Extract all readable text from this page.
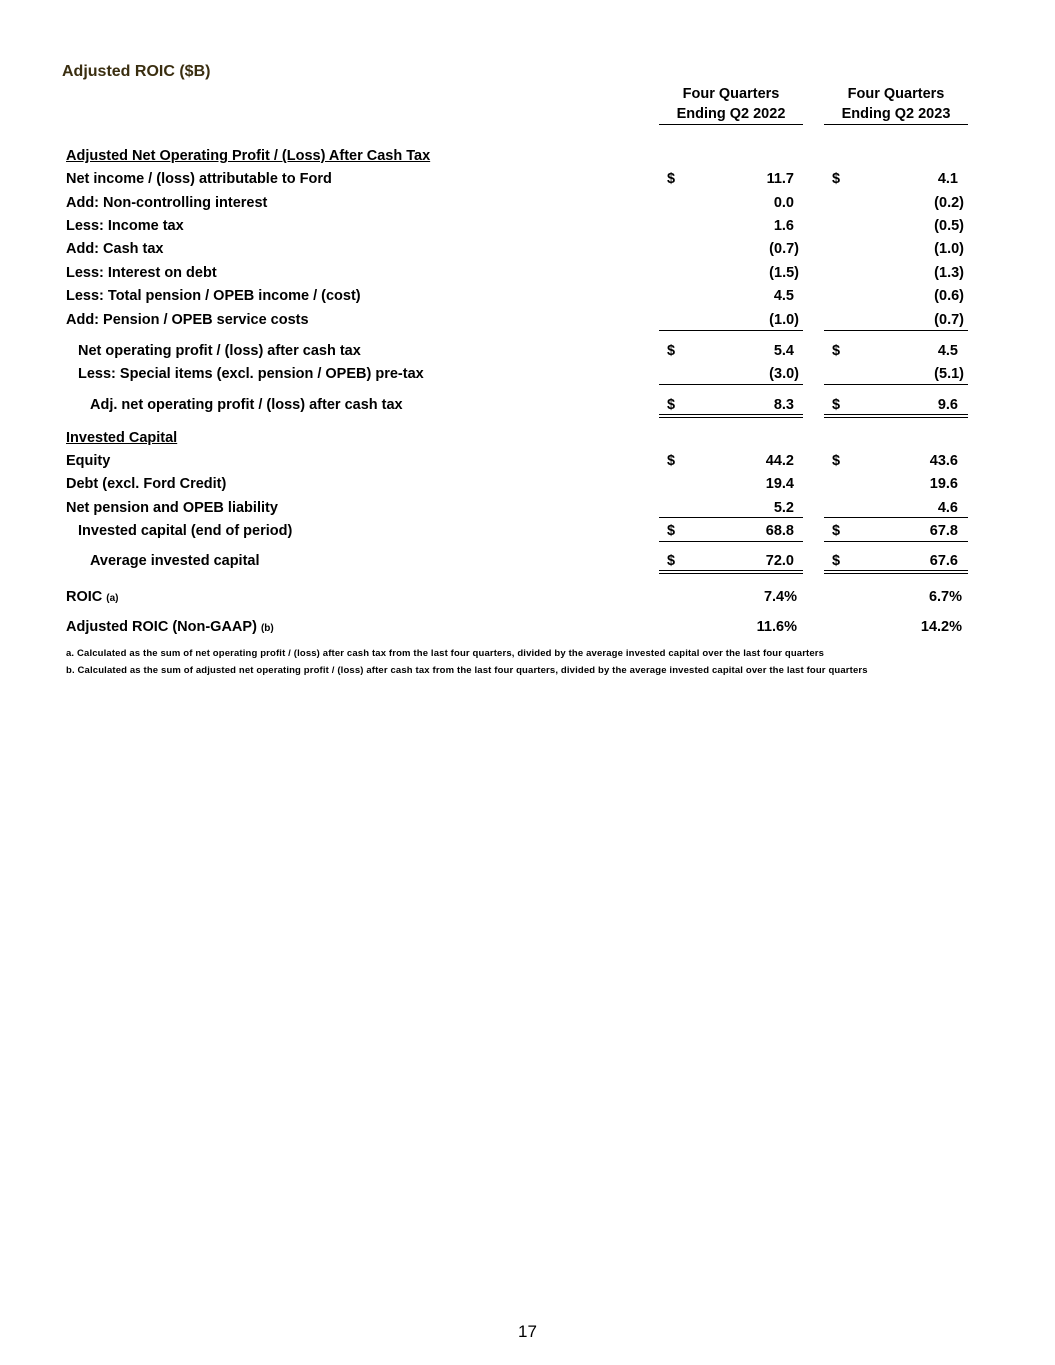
Adjusted ROIC ($B)
Four Quarters
Ending Q2 2022
Four Quarters
Ending Q2 2023
Adjusted Net Operating Profit / (Loss) After Cash Tax
Net income / (loss) attributable to Ford	$	11.7	$	4.1
Add: Non-controlling interest	0.0	(0.2)
Less: Income tax	1.6	(0.5)
Add: Cash tax	(0.7)	(1.0)
Less: Interest on debt	(1.5)	(1.3)
Less: Total pension / OPEB income / (cost)	4.5	(0.6)
Add: Pension / OPEB service costs	(1.0)	(0.7)
Net operating profit / (loss) after cash tax	$	5.4	$	4.5
Less: Special items (excl. pension / OPEB) pre-tax	(3.0)	(5.1)
Adj. net operating profit / (loss) after cash tax	$	8.3	$	9.6
Invested Capital
Equity	$	44.2	$	43.6
Debt (excl. Ford Credit)	19.4	19.6
Net pension and OPEB liability	5.2	4.6
Invested capital (end of period)	$	68.8	$	67.8
Average invested capital	$	72.0	$	67.6
ROIC (a)	7.4%	6.7%
Adjusted ROIC (Non-GAAP) (b)	11.6%	14.2%
a. Calculated as the sum of net operating profit / (loss) after cash tax from the last four quarters, divided by the average invested capital over the last four quarters
b. Calculated as the sum of adjusted net operating profit / (loss) after cash tax from the last four quarters, divided by the average invested capital over the last four quarters
17
